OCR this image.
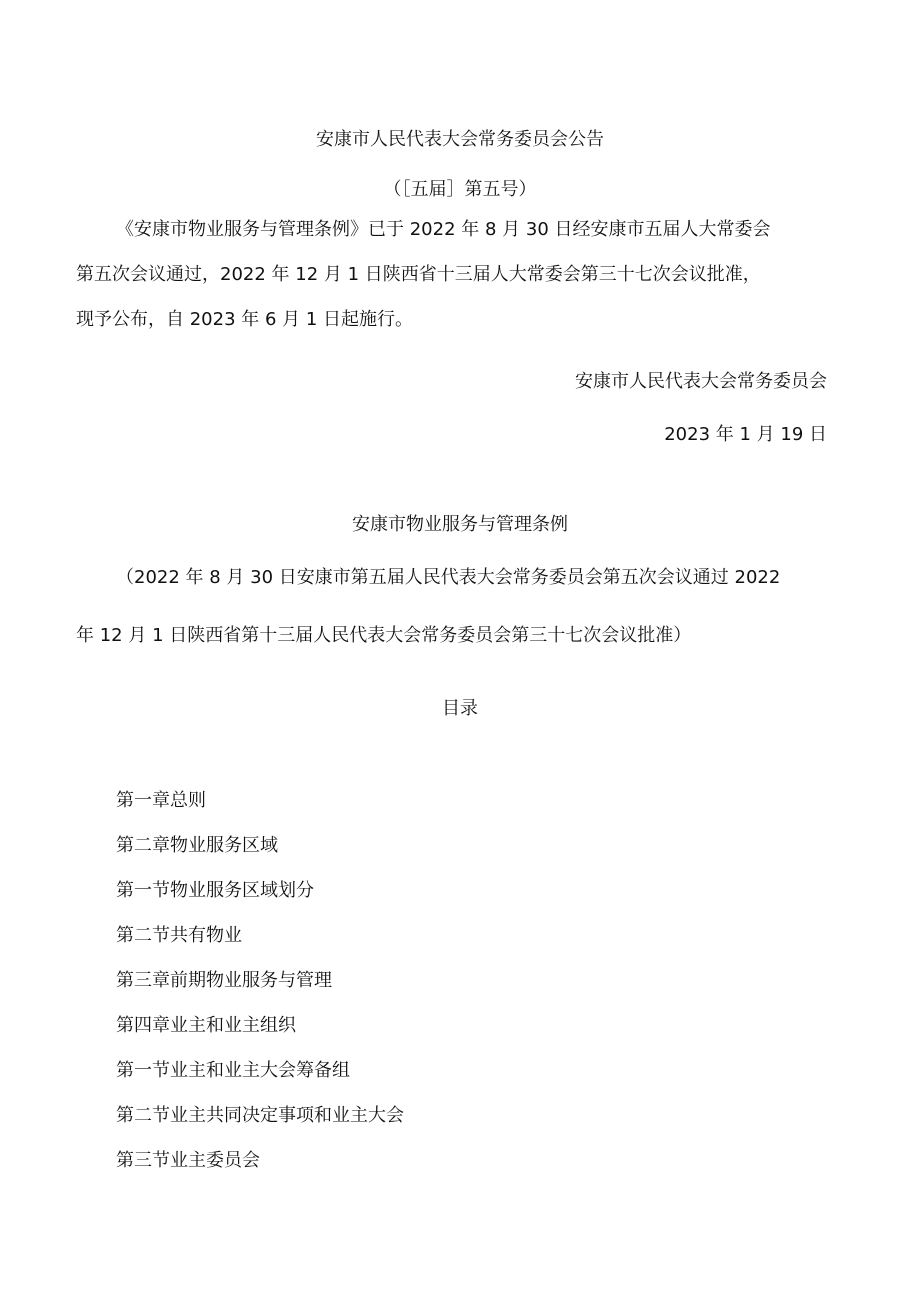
安康市人民代表大会常务委员会公告
（［五届］第五号）
《安康市物业服务与管理条例》已于 2022 年 8 月 30 日经安康市五届人大常委会
第五次会议通过，2022 年 12 月 1 日陕西省十三届人大常委会第三十七次会议批准，
现予公布，自 2023 年 6 月 1 日起施行。
安康市人民代表大会常务委员会
2023 年 1 月 19 日
安康市物业服务与管理条例
（2022 年 8 月 30 日安康市第五届人民代表大会常务委员会第五次会议通过 2022
年 12 月 1 日陕西省第十三届人民代表大会常务委员会第三十七次会议批准）
目录
第一章总则
第二章物业服务区域
第一节物业服务区域划分
第二节共有物业
第三章前期物业服务与管理
第四章业主和业主组织
第一节业主和业主大会筹备组
第二节业主共同决定事项和业主大会
第三节业主委员会
